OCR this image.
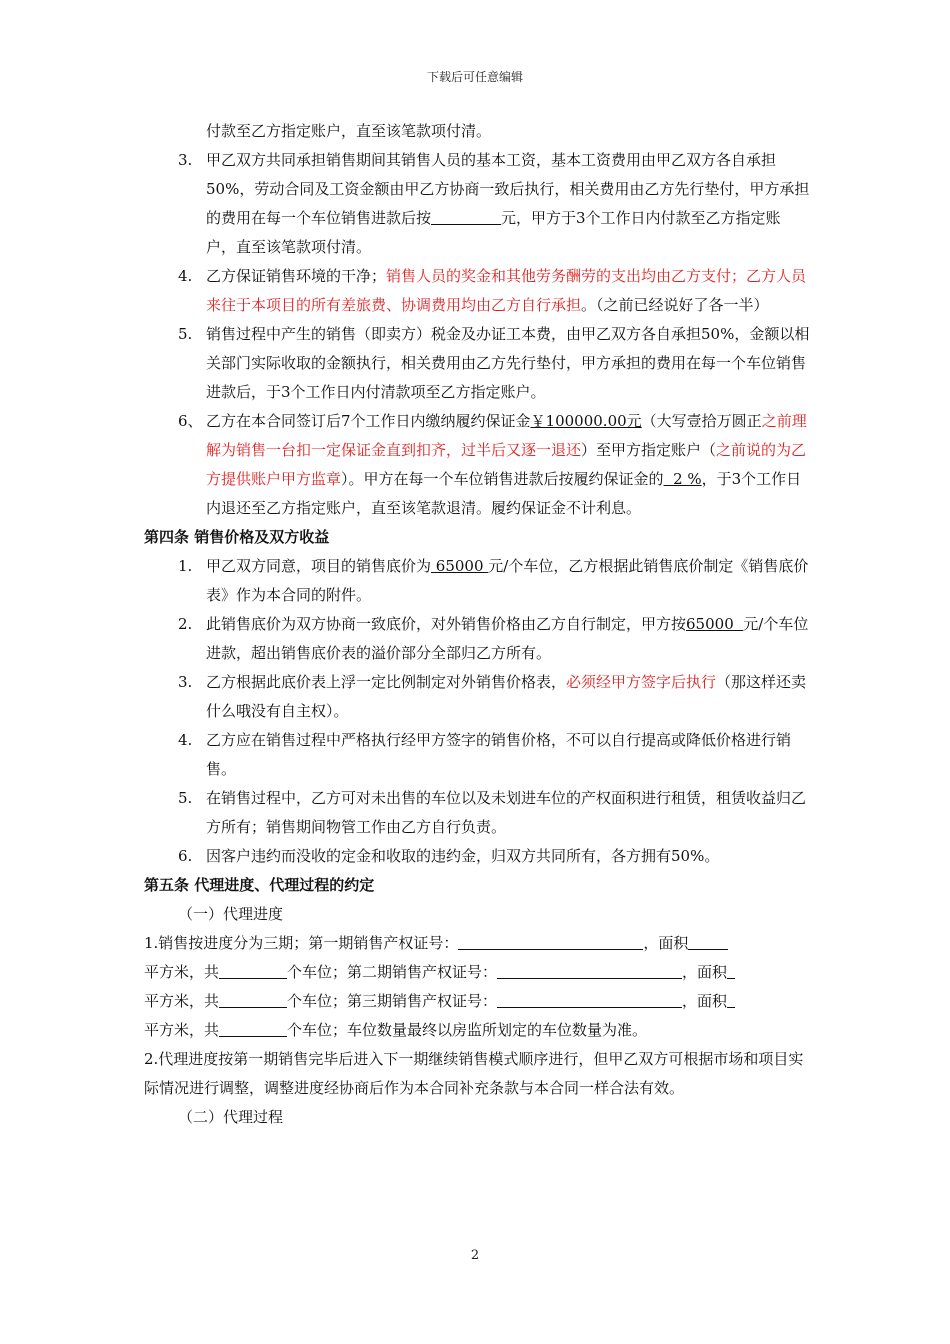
下载后可任意编辑
付款至乙方指定账户，直至该笔款项付清。
3. 甲乙双方共同承担销售期间其销售人员的基本工资，基本工资费用由甲乙双方各自承担50%，劳动合同及工资金额由甲乙方协商一致后执行，相关费用由乙方先行垫付，甲方承担的费用在每一个车位销售进款后按	元，甲方于3个工作日内付款至乙方指定账户，直至该笔款项付清。
4. 乙方保证销售环境的干净；销售人员的奖金和其他劳务酬劳的支出均由乙方支付；乙方人员来往于本项目的所有差旅费、协调费用均由乙方自行承担。（之前已经说好了各一半）
5. 销售过程中产生的销售（即卖方）税金及办证工本费，由甲乙双方各自承担50%，金额以相关部门实际收取的金额执行，相关费用由乙方先行垫付，甲方承担的费用在每一个车位销售进款后，于3个工作日内付清款项至乙方指定账户。
6、 乙方在本合同签订后7个工作日内缴纳履约保证金￥100000.00元（大写壹拾万圆正之前理解为销售一台扣一定保证金直到扣齐，过半后又逐一退还）至甲方指定账户（之前说的为乙方提供账户甲方监章）。甲方在每一个车位销售进款后按履约保证金的  2 %，于3个工作日内退还至乙方指定账户，直至该笔款退清。履约保证金不计利息。
第四条 销售价格及双方收益
1. 甲乙双方同意，项目的销售底价为 65000 元/个车位，乙方根据此销售底价制定《销售底价表》作为本合同的附件。
2. 此销售底价为双方协商一致底价，对外销售价格由乙方自行制定，甲方按65000  元/个车位进款，超出销售底价表的溢价部分全部归乙方所有。
3. 乙方根据此底价表上浮一定比例制定对外销售价格表，必须经甲方签字后执行（那这样还卖什么哦没有自主权）。
4. 乙方应在销售过程中严格执行经甲方签字的销售价格，不可以自行提高或降低价格进行销售。
5. 在销售过程中，乙方可对未出售的车位以及未划进车位的产权面积进行租赁，租赁收益归乙方所有；销售期间物管工作由乙方自行负责。
6. 因客户违约而没收的定金和收取的违约金，归双方共同所有，各方拥有50%。
第五条 代理进度、代理过程的约定
（一）代理进度
1.销售按进度分为三期；第一期销售产权证号：	，面积
平方米，共	个车位；第二期销售产权证号：	，面积
平方米，共	个车位；第三期销售产权证号：	，面积
平方米，共	个车位；车位数量最终以房监所划定的车位数量为准。
2.代理进度按第一期销售完毕后进入下一期继续销售模式顺序进行，但甲乙双方可根据市场和项目实际情况进行调整，调整进度经协商后作为本合同补充条款与本合同一样合法有效。
（二）代理过程
2
